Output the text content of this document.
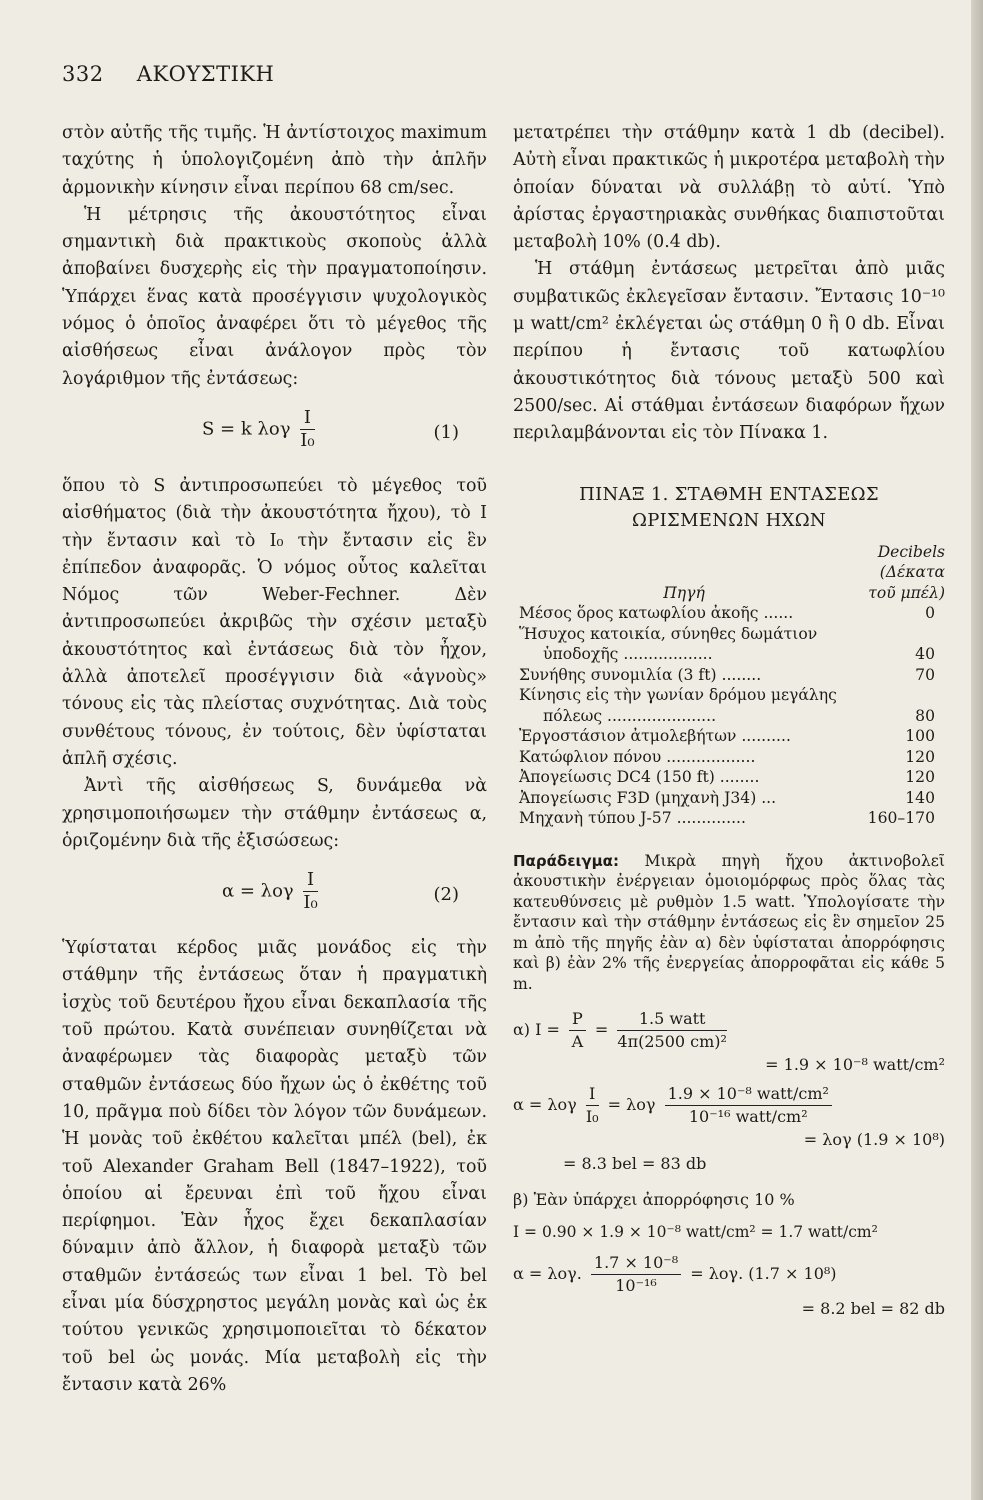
332 ΑΚΟΥΣΤΙΚΗ

στὸν αὐτῆς τῆς τιμῆς. Ἡ ἀντίστοιχος maximum ταχύτης ἡ ὑπολογιζομένη ἀπὸ τὴν ἁπλῆν ἁρμονικὴν κίνησιν εἶναι περίπου 68 cm/sec.

Ἡ μέτρησις τῆς ἀκουστότητος εἶναι σημαντικὴ διὰ πρακτικοὺς σκοποὺς ἀλλὰ ἀποβαίνει δυσχερὴς εἰς τὴν πραγματοποίησιν. Ὑπάρχει ἕνας κατὰ προσέγγισιν ψυχολογικὸς νόμος ὁ ὁποῖος ἀναφέρει ὅτι τὸ μέγεθος τῆς αἰσθήσεως εἶναι ἀνάλογον πρὸς τὸν λογάριθμον τῆς ἐντάσεως:

S = k λογ $\frac{I}{\text{I₀}}$	(1)

ὅπου τὸ S ἀντιπροσωπεύει τὸ μέγεθος τοῦ αἰσθήματος (διὰ τὴν ἀκουστότητα ἤχου), τὸ I τὴν ἔντασιν καὶ τὸ I₀ τὴν ἔντασιν εἰς ἓν ἐπίπεδον ἀναφορᾶς. Ὁ νόμος οὗτος καλεῖται Νόμος τῶν Weber-Fechner. Δὲν ἀντιπροσωπεύει ἀκριβῶς τὴν σχέσιν μεταξὺ ἀκουστότητος καὶ ἐντάσεως διὰ τὸν ἦχον, ἀλλὰ ἀποτελεῖ προσέγγισιν διὰ «ἁγνοὺς» τόνους εἰς τὰς πλείστας συχνότητας. Διὰ τοὺς συνθέτους τόνους, ἐν τούτοις, δὲν ὑφίσταται ἁπλῆ σχέσις.

Ἀντὶ τῆς αἰσθήσεως S, δυνάμεθα νὰ χρησιμοποιήσωμεν τὴν στάθμην ἐντάσεως α, ὁριζομένην διὰ τῆς ἐξισώσεως:

α = λογ $\frac{I}{\text{I₀}}$	(2)

Ὑφίσταται κέρδος μιᾶς μονάδος εἰς τὴν στάθμην τῆς ἐντάσεως ὅταν ἡ πραγματικὴ ἰσχὺς τοῦ δευτέρου ἤχου εἶναι δεκαπλασία τῆς τοῦ πρώτου. Κατὰ συνέπειαν συνηθίζεται νὰ ἀναφέρωμεν τὰς διαφορὰς μεταξὺ τῶν σταθμῶν ἐντάσεως δύο ἤχων ὡς ὁ ἐκθέτης τοῦ 10, πρᾶγμα ποὺ δίδει τὸν λόγον τῶν δυνάμεων. Ἡ μονὰς τοῦ ἐκθέτου καλεῖται μπέλ (bel), ἐκ τοῦ Alexander Graham Bell (1847–1922), τοῦ ὁποίου αἱ ἔρευναι ἐπὶ τοῦ ἤχου εἶναι περίφημοι. Ἐὰν ἦχος ἔχει δεκαπλασίαν δύναμιν ἀπὸ ἄλλον, ἡ διαφορὰ μεταξὺ τῶν σταθμῶν ἐντάσεώς των εἶναι 1 bel. Τὸ bel εἶναι μία δύσχρηστος μεγάλη μονὰς καὶ ὡς ἐκ τούτου γενικῶς χρησιμοποιεῖται τὸ δέκατον τοῦ bel ὡς μονάς. Μία μεταβολὴ εἰς τὴν ἔντασιν κατὰ 26%

μετατρέπει τὴν στάθμην κατὰ 1 db (decibel). Αὐτὴ εἶναι πρακτικῶς ἡ μικροτέρα μεταβολὴ τὴν ὁποίαν δύναται νὰ συλλάβῃ τὸ αὐτί. Ὑπὸ ἀρίστας ἐργαστηριακὰς συνθήκας διαπιστοῦται μεταβολὴ 10% (0.4 db).

Ἡ στάθμη ἐντάσεως μετρεῖται ἀπὸ μιᾶς συμβατικῶς ἐκλεγεῖσαν ἔντασιν. Ἔντασις 10⁻¹⁰ μ watt/cm² ἐκλέγεται ὡς στάθμη 0 ἢ 0 db. Εἶναι περίπου ἡ ἔντασις τοῦ κατωφλίου ἀκουστικότητος διὰ τόνους μεταξὺ 500 καὶ 2500/sec. Αἱ στάθμαι ἐντάσεων διαφόρων ἤχων περιλαμβάνονται εἰς τὸν Πίνακα 1.

ΠΙΝΑΞ 1. ΣΤΑΘΜΗ ΕΝΤΑΣΕΩΣ
ΩΡΙΣΜΕΝΩΝ ΗΧΩΝ
Πηγή	Decibels
(Δέκατα
τοῦ μπέλ)

Μέσος ὅρος κατωφλίου ἀκοῆς ......	0
Ἥσυχος κατοικία, σύνηθες δωμάτιον	
ὑποδοχῆς ..................	40
Συνήθης συνομιλία (3 ft) ........	70
Κίνησις εἰς τὴν γωνίαν δρόμου μεγάλης	
πόλεως ......................	80
Ἐργοστάσιον ἀτμολεβήτων ..........	100
Κατώφλιον πόνου ..................	120
Ἀπογείωσις DC4 (150 ft) ........	120
Ἀπογείωσις F3D (μηχανὴ J34) ...	140
Μηχανὴ τύπου J-57 ..............	160–170
Παράδειγμα: Μικρὰ πηγὴ ἤχου ἀκτινοβολεῖ ἀκουστικὴν ἐνέργειαν ὁμοιομόρφως πρὸς ὅλας τὰς κατευθύνσεις μὲ ρυθμὸν 1.5 watt. Ὑπολογίσατε τὴν ἔντασιν καὶ τὴν στάθμην ἐντάσεως εἰς ἓν σημεῖον 25 m ἀπὸ τῆς πηγῆς ἐὰν α) δὲν ὑφίσταται ἀπορρόφησις καὶ β) ἐὰν 2% τῆς ἐνεργείας ἀπορροφᾶται εἰς κάθε 5 m.
α) $I = \frac{P}{A} = \frac{\text{1.5 watt}}{\text{4π(2500 cm)²}}$
= 1.9 × 10⁻⁸ watt/cm²
α = λογ $\frac{I}{\text{I₀}} = \lambda o\gamma \frac{\text{1.9 × 10⁻⁸ watt/cm²}}{\text{10⁻¹⁶ watt/cm²}}$
= λογ (1.9 × 10⁸)
= 8.3 bel = 83 db
β) Ἐὰν ὑπάρχει ἀπορρόφησις 10 %
I = 0.90 × 1.9 × 10⁻⁸ watt/cm² = 1.7 watt/cm²
α = λογ. $\frac{\text{1.7 × 10⁻⁸}}{\text{10⁻¹⁶}} = \lambda o\gamma$. (1.7 × 10⁸)
= 8.2 bel = 82 db
